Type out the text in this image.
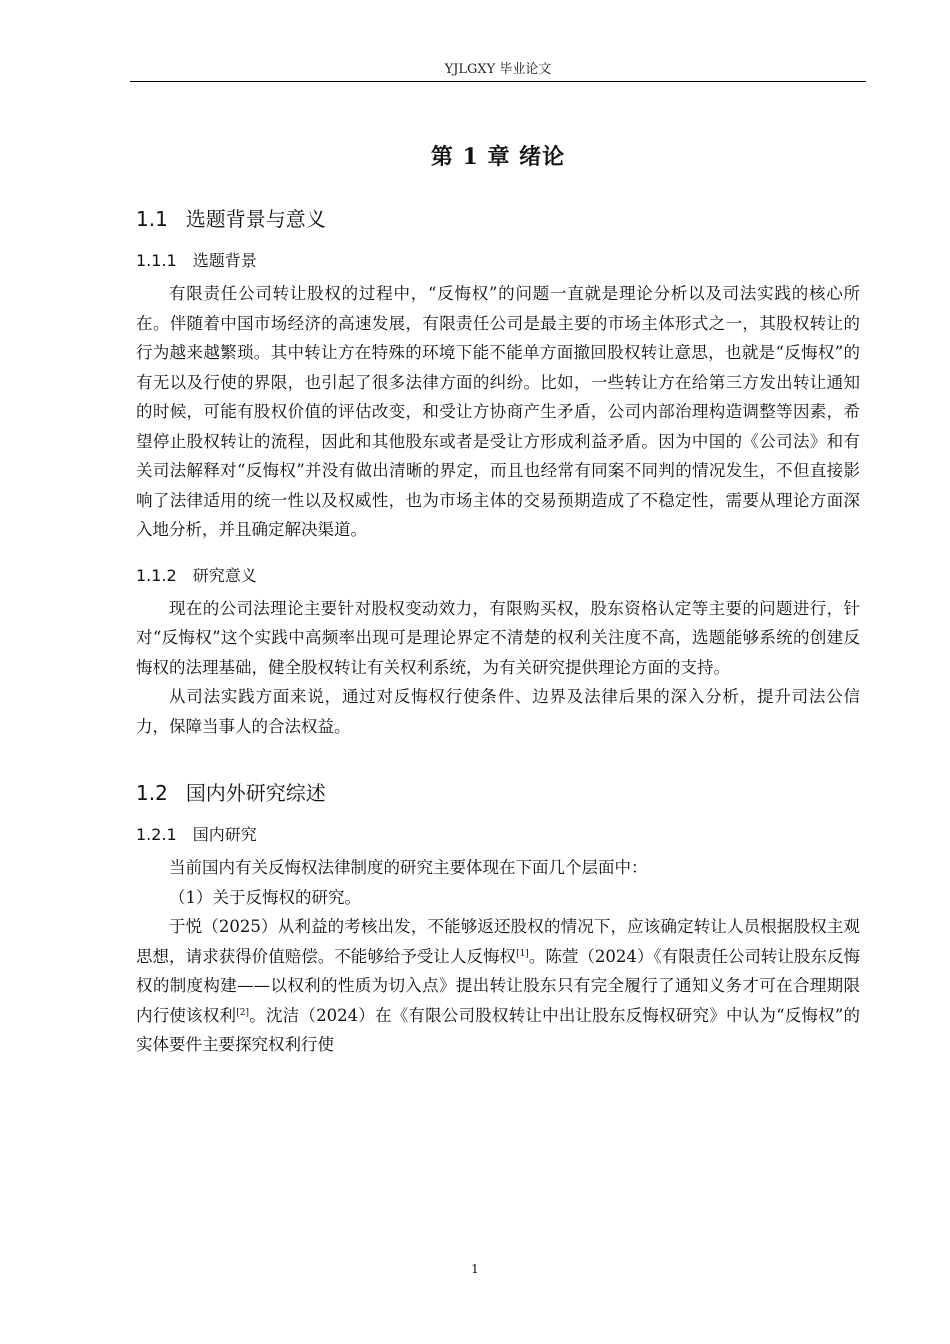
YJLGXY 毕业论文
第 1 章 绪论
1.1 选题背景与意义
1.1.1 选题背景

有限责任公司转让股权的过程中，“反悔权”的问题一直就是理论分析以及司法实践的核心所在。伴随着中国市场经济的高速发展，有限责任公司是最主要的市场主体形式之一，其股权转让的行为越来越繁琐。其中转让方在特殊的环境下能不能单方面撤回股权转让意思，也就是“反悔权”的有无以及行使的界限，也引起了很多法律方面的纠纷。比如，一些转让方在给第三方发出转让通知的时候，可能有股权价值的评估改变，和受让方协商产生矛盾，公司内部治理构造调整等因素，希望停止股权转让的流程，因此和其他股东或者是受让方形成利益矛盾。因为中国的《公司法》和有关司法解释对“反悔权”并没有做出清晰的界定，而且也经常有同案不同判的情况发生，不但直接影响了法律适用的统一性以及权威性，也为市场主体的交易预期造成了不稳定性，需要从理论方面深入地分析，并且确定解决渠道。

1.1.2 研究意义

现在的公司法理论主要针对股权变动效力，有限购买权，股东资格认定等主要的问题进行，针对“反悔权”这个实践中高频率出现可是理论界定不清楚的权利关注度不高，选题能够系统的创建反悔权的法理基础，健全股权转让有关权利系统，为有关研究提供理论方面的支持。

从司法实践方面来说，通过对反悔权行使条件、边界及法律后果的深入分析，提升司法公信力，保障当事人的合法权益。

1.2 国内外研究综述
1.2.1 国内研究

当前国内有关反悔权法律制度的研究主要体现在下面几个层面中：

（1）关于反悔权的研究。

于悦（2025）从利益的考核出发，不能够返还股权的情况下，应该确定转让人员根据股权主观思想，请求获得价值赔偿。不能够给予受让人反悔权[1]。陈萱（2024）《有限责任公司转让股东反悔权的制度构建——以权利的性质为切入点》提出转让股东只有完全履行了通知义务才可在合理期限内行使该权利[2]。沈洁（2024）在《有限公司股权转让中出让股东反悔权研究》中认为“反悔权”的实体要件主要探究权利行使

1
